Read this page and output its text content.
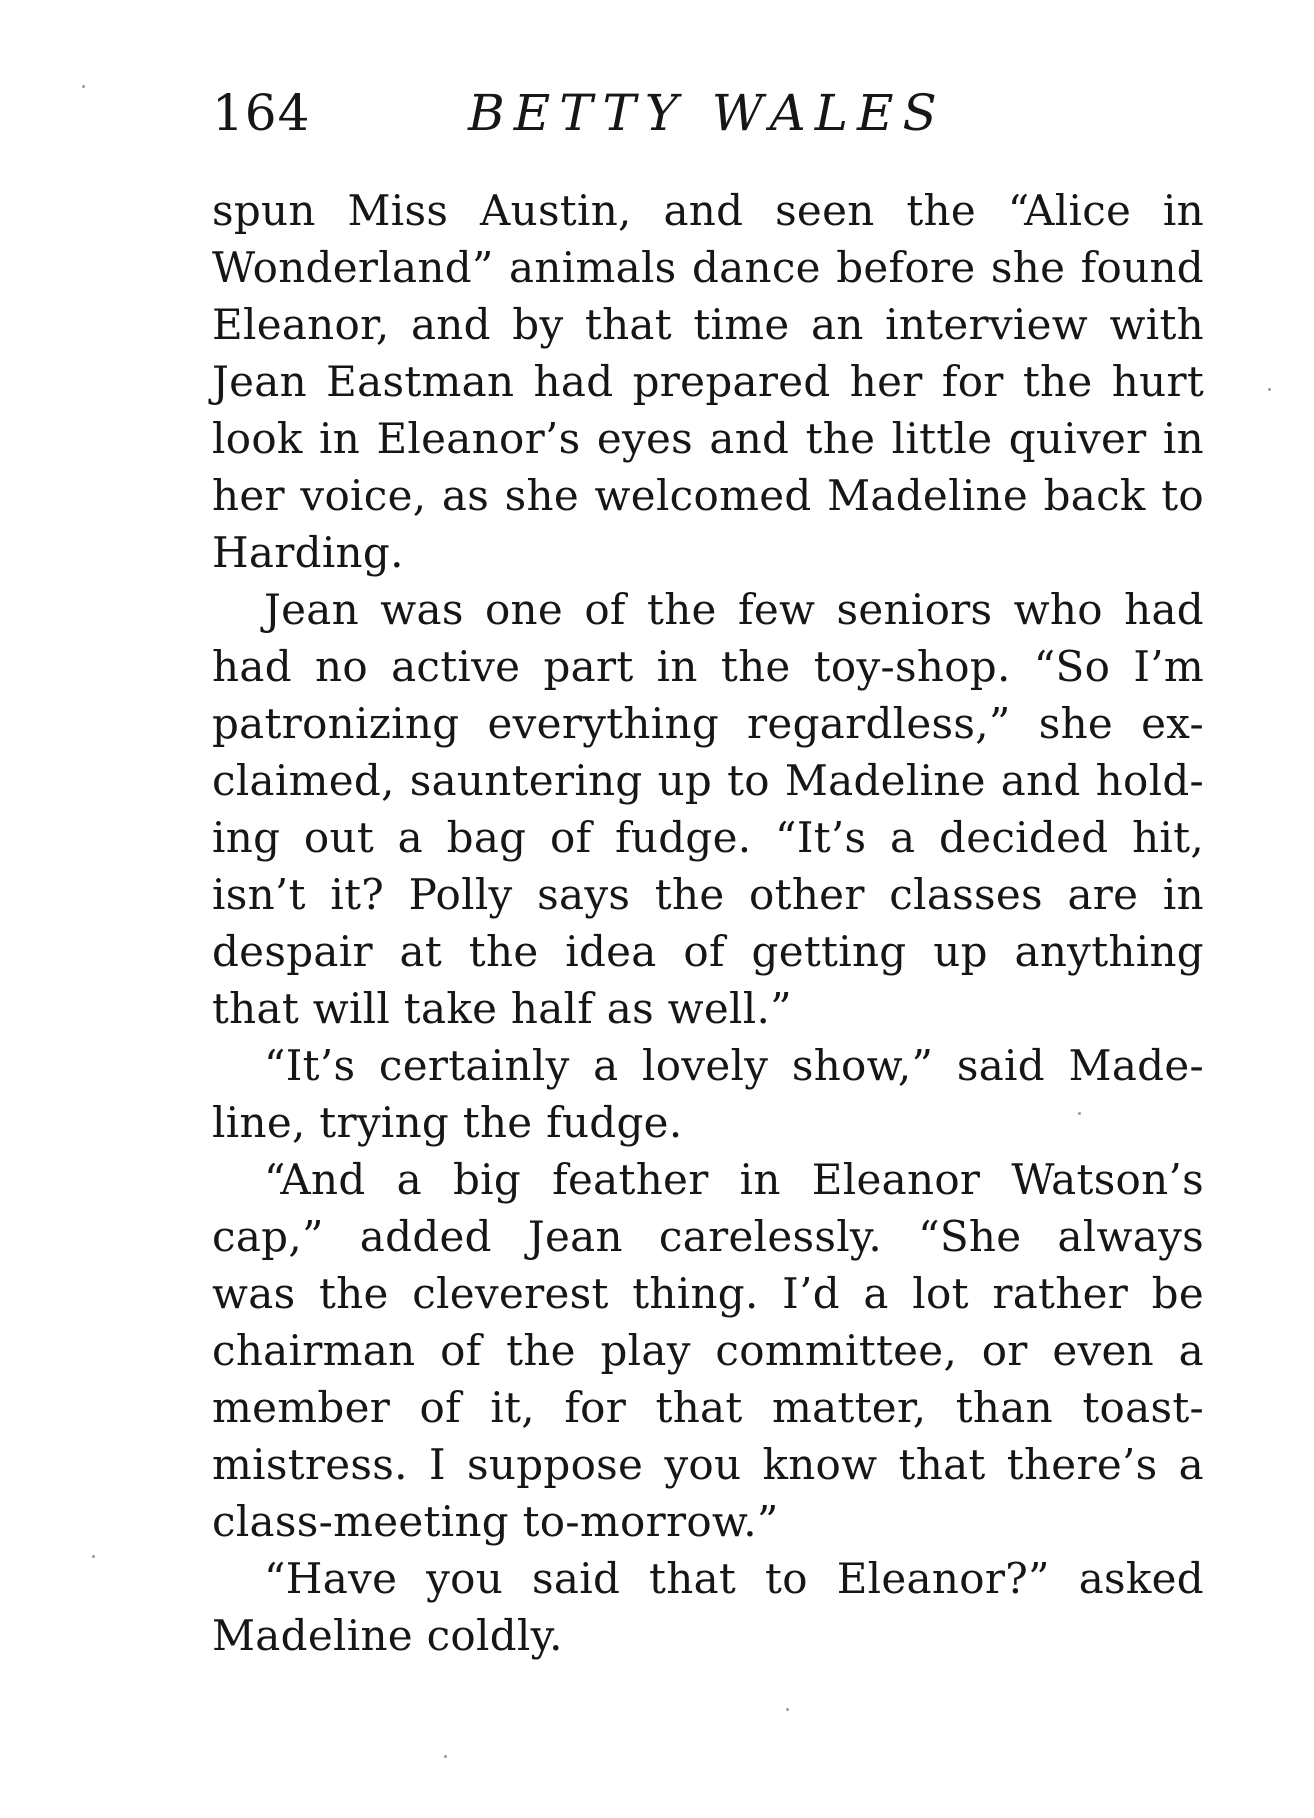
164	BETTY WALES
spun Miss Austin, and seen the “Alice in
Wonderland” animals dance before she found
Eleanor, and by that time an interview with
Jean Eastman had prepared her for the hurt
look in Eleanor’s eyes and the little quiver in
her voice, as she welcomed Madeline back to
Harding.
Jean was one of the few seniors who had
had no active part in the toy-shop. “So I’m
patronizing everything regardless,” she ex-
claimed, sauntering up to Madeline and hold-
ing out a bag of fudge. “It’s a decided hit,
isn’t it? Polly says the other classes are in
despair at the idea of getting up anything
that will take half as well.”
“It’s certainly a lovely show,” said Made-
line, trying the fudge.
“And a big feather in Eleanor Watson’s
cap,” added Jean carelessly. “She always
was the cleverest thing. I’d a lot rather be
chairman of the play committee, or even a
member of it, for that matter, than toast-
mistress. I suppose you know that there’s a
class-meeting to-morrow.”
“Have you said that to Eleanor?” asked
Madeline coldly.
